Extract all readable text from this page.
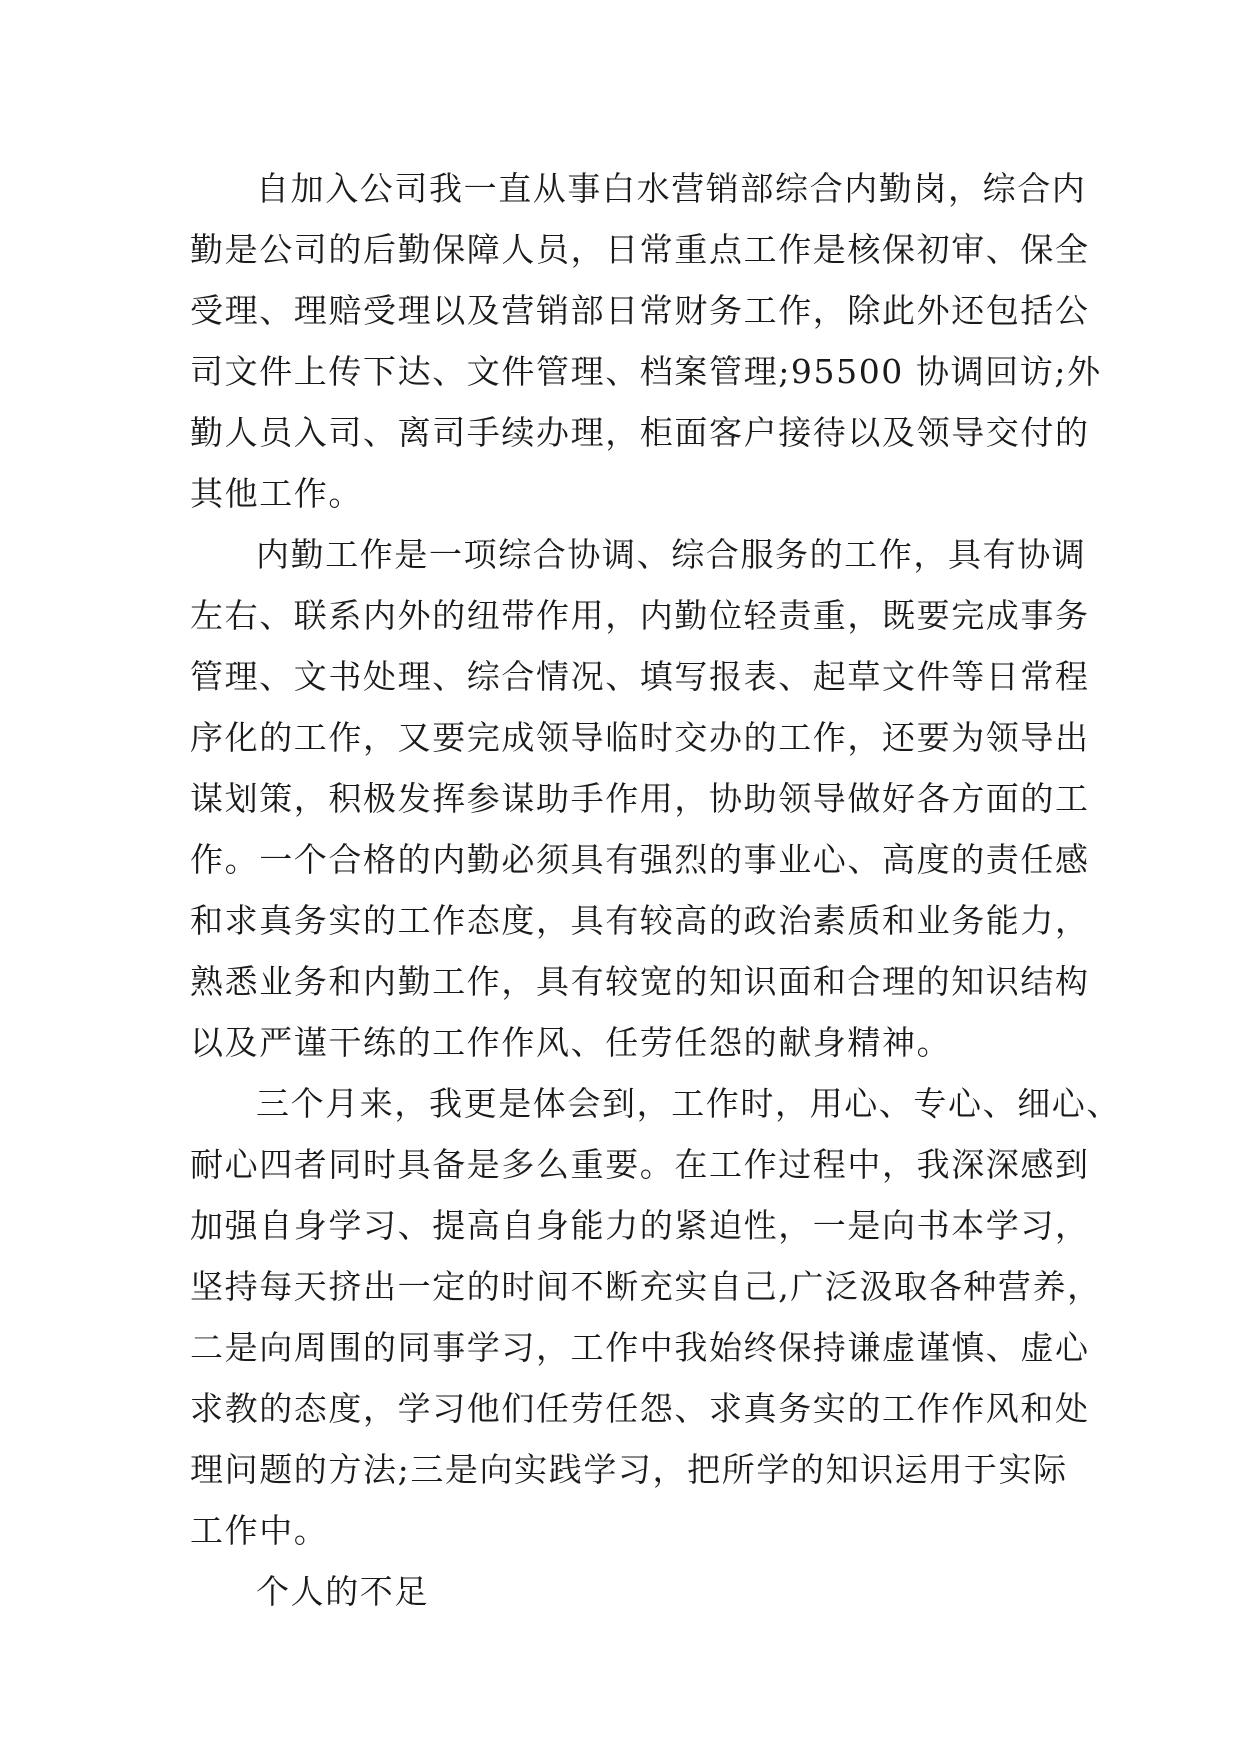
自加入公司我一直从事白水营销部综合内勤岗，综合内
勤是公司的后勤保障人员，日常重点工作是核保初审、保全
受理、理赔受理以及营销部日常财务工作，除此外还包括公
司文件上传下达、文件管理、档案管理;95500 协调回访;外
勤人员入司、离司手续办理，柜面客户接待以及领导交付的
其他工作。
内勤工作是一项综合协调、综合服务的工作，具有协调
左右、联系内外的纽带作用，内勤位轻责重，既要完成事务
管理、文书处理、综合情况、填写报表、起草文件等日常程
序化的工作，又要完成领导临时交办的工作，还要为领导出
谋划策，积极发挥参谋助手作用，协助领导做好各方面的工
作。一个合格的内勤必须具有强烈的事业心、高度的责任感
和求真务实的工作态度，具有较高的政治素质和业务能力，
熟悉业务和内勤工作，具有较宽的知识面和合理的知识结构
以及严谨干练的工作作风、任劳任怨的献身精神。
三个月来，我更是体会到，工作时，用心、专心、细心、
耐心四者同时具备是多么重要。在工作过程中，我深深感到
加强自身学习、提高自身能力的紧迫性，一是向书本学习，
坚持每天挤出一定的时间不断充实自己,广泛汲取各种营养，
二是向周围的同事学习，工作中我始终保持谦虚谨慎、虚心
求教的态度，学习他们任劳任怨、求真务实的工作作风和处
理问题的方法;三是向实践学习，把所学的知识运用于实际
工作中。
个人的不足
